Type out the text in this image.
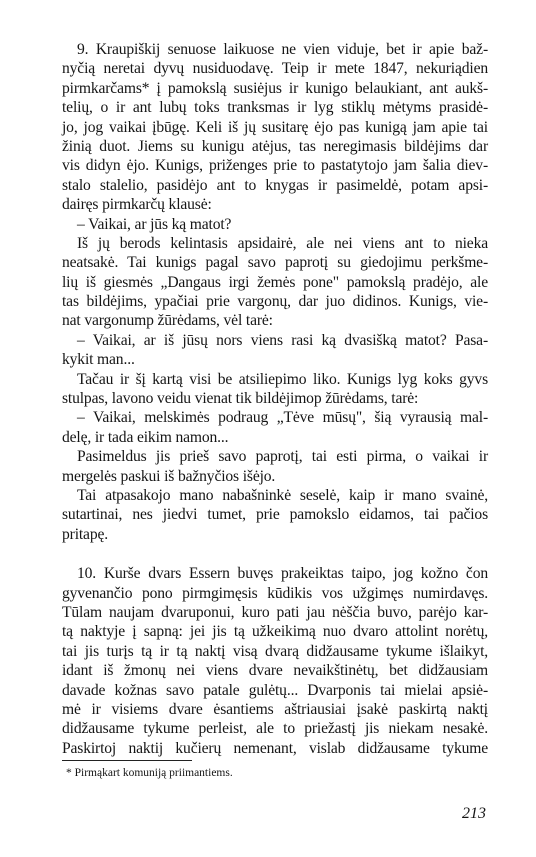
9. Kraupiškij senuose laikuose ne vien viduje, bet ir apie baž-
nyčią neretai dyvų nusiduodavę. Teip ir mete 1847, nekuriądien
pirmkarčams* į pamokslą susiėjus ir kunigo belaukiant, ant aukš-
telių, o ir ant lubų toks tranksmas ir lyg stiklų mėtyms prasidė-
jo, jog vaikai įbūgę. Keli iš jų susitarę ėjo pas kunigą jam apie tai
žinią duot. Jiems su kunigu atėjus, tas neregimasis bildėjims dar
vis didyn ėjo. Kunigs, priženges prie to pastatytojo jam šalia diev-
stalo stalelio, pasidėjo ant to knygas ir pasimeldė, potam apsi-
dairęs pirmkarčų klausė:
– Vaikai, ar jūs ką matot?
Iš jų berods kelintasis apsidairė, ale nei viens ant to nieka
neatsakė. Tai kunigs pagal savo paprotį su giedojimu perkšme-
lių iš giesmės „Dangaus irgi žemės pone" pamokslą pradėjo, ale
tas bildėjims, ypačiai prie vargonų, dar juo didinos. Kunigs, vie-
nat vargonump žūrėdams, vėl tarė:
– Vaikai, ar iš jūsų nors viens rasi ką dvasišką matot? Pasa-
kykit man...
Tačau ir šį kartą visi be atsiliepimo liko. Kunigs lyg koks gyvs
stulpas, lavono veidu vienat tik bildėjimop žūrėdams, tarė:
– Vaikai, melskimės podraug „Tėve mūsų", šią vyrausią mal-
delę, ir tada eikim namon...
Pasimeldus jis prieš savo paprotį, tai esti pirma, o vaikai ir
mergelės paskui iš bažnyčios išėjo.
Tai atpasakojo mano nabašninkė seselė, kaip ir mano svainė,
sutartinai, nes jiedvi tumet, prie pamokslo eidamos, tai pačios
pritapę.
10. Kurše dvars Essern buvęs prakeiktas taipo, jog kožno čon
gyvenančio pono pirmgimęsis kūdikis vos užgimęs numirdavęs.
Tūlam naujam dvaruponui, kuro pati jau nėščia buvo, parėjo kar-
tą naktyje į sapną: jei jis tą užkeikimą nuo dvaro attolint norėtų,
tai jis turįs tą ir tą naktį visą dvarą didžausame tykume išlaikyt,
idant iš žmonų nei viens dvare nevaikštinėtų, bet didžausiam
davade kožnas savo patale gulėtų... Dvarponis tai mielai apsiė-
mė ir visiems dvare ėsantiems aštriausiai įsakė paskirtą naktį
didžausame tykume perleist, ale to priežastį jis niekam nesakė.
Paskirtoj naktij kučierų nemenant, vislab didžausame tykume
* Pirmąkart komuniją priimantiems.
213
